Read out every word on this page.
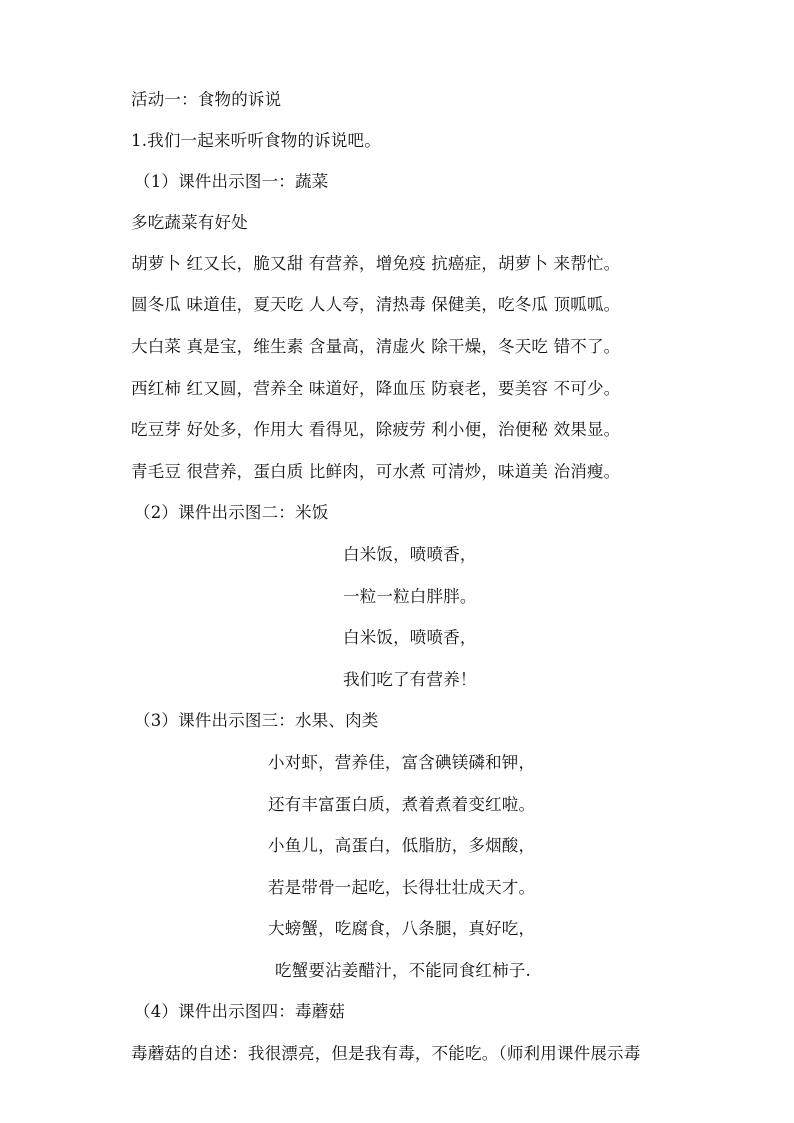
活动一：食物的诉说
1.我们一起来听听食物的诉说吧。
（1）课件出示图一：蔬菜
多吃蔬菜有好处
胡萝卜 红又长，脆又甜 有营养，增免疫 抗癌症，胡萝卜 来帮忙。
圆冬瓜 味道佳，夏天吃 人人夸，清热毒 保健美，吃冬瓜 顶呱呱。
大白菜 真是宝，维生素 含量高，清虚火 除干燥，冬天吃 错不了。
西红柿 红又圆，营养全 味道好，降血压 防衰老，要美容 不可少。
吃豆芽 好处多，作用大 看得见，除疲劳 利小便，治便秘 效果显。
青毛豆 很营养，蛋白质 比鲜肉，可水煮 可清炒，味道美 治消瘦。
（2）课件出示图二：米饭
白米饭，喷喷香，
一粒一粒白胖胖。
白米饭，喷喷香，
我们吃了有营养！
（3）课件出示图三：水果、肉类
小对虾，营养佳，富含碘镁磷和钾，
还有丰富蛋白质，煮着煮着变红啦。
小鱼儿，高蛋白，低脂肪，多烟酸，
若是带骨一起吃，长得壮壮成天才。
大螃蟹，吃腐食，八条腿，真好吃，
吃蟹要沾姜醋汁，不能同食红柿子.
（4）课件出示图四：毒蘑菇
毒蘑菇的自述：我很漂亮，但是我有毒，不能吃。（师利用课件展示毒
